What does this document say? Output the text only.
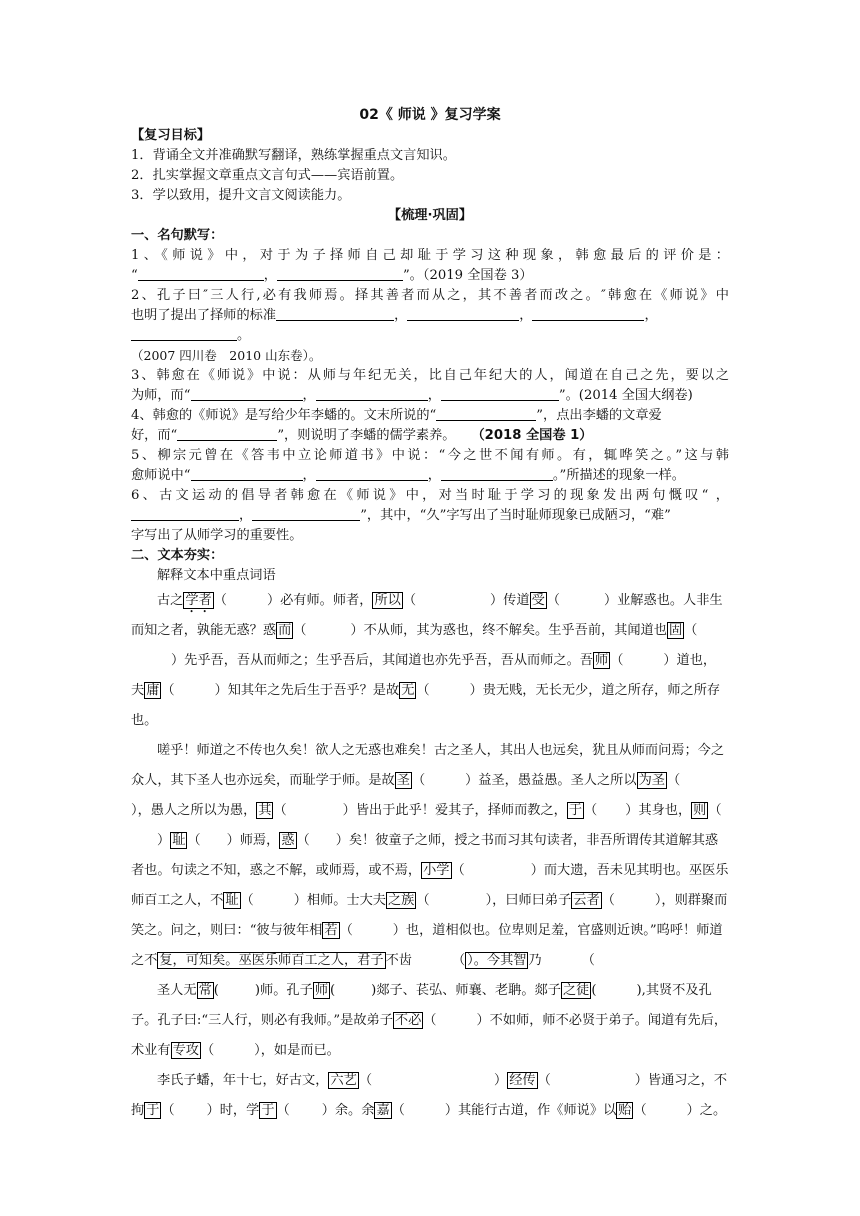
02《 师说 》复习学案
【复习目标】
1．背诵全文并准确默写翻译，熟练掌握重点文言知识。
2．扎实掌握文章重点文言句式——宾语前置。
3．学以致用，提升文言文阅读能力。
【梳理·巩固】
一、名句默写：
1、《师说》中，对于为子择师自己却耻于学习这种现象，韩愈最后的评价是：
“	，	”。（2019 全国卷 3）
2、孔子曰″三人行,必有我师焉。择其善者而从之，其不善者而改之。″韩愈在《师说》中
也明了提出了择师的标准	，	，	，
。
（2007 四川卷　2010 山东卷）。
3、韩愈在《师说》中说：从师与年纪无关，比自己年纪大的人，闻道在自己之先，要以之
为师，而“	，	，	”。(2014 全国大纲卷)
4、韩愈的《师说》是写给少年李蟠的。文末所说的“	”，点出李蟠的文章爱
好，而“	”，则说明了李蟠的儒学素养。 （2018 全国卷 1）
5、柳宗元曾在《答韦中立论师道书》中说：“今之世不闻有师。有，辄哗笑之。”这与韩
愈师说中“	，	，	。”所描述的现象一样。
6、古文运动的倡导者韩愈在《师说》中，对当时耻于学习的现象发出两句慨叹“ ，
，	”，其中，“久”字写出了当时耻师现象已成陋习，“难”
字写出了从师学习的重要性。
二、文本夯实：
解释文本中重点词语

古之 学者 （	）必有师。师者， 所以 （	）传道 受 （	）业解惑也。人非生而知之者，孰能无惑？惑 而 （	）不从师，其为惑也，终不解矣。生乎吾前，其闻道也 固 （）先乎吾，吾从而师之；生乎吾后，其闻道也亦先乎吾，吾从而师之。吾 师 （	）道也，夫 庸 （	）知其年之先后生于吾乎？是故 无 （	）贵无贱，无长无少，道之所存，师之所存也。

嗟乎！师道之不传也久矣！欲人之无惑也难矣！古之圣人，其出人也远矣，犹且从师而问焉；今之众人，其下圣人也亦远矣，而耻学于师。是故 圣 （	）益圣，愚益愚。圣人之所以 为圣 （），愚人之所以为愚， 其 （	）皆出于此乎！爱其子，择师而教之， 于 （ ）其身也， 则 （） 耻 （ ）师焉， 惑 （ ）矣！彼童子之师，授之书而习其句读者，非吾所谓传其道解其惑者也。句读之不知，惑之不解，或师焉，或不焉， 小学 （	）而大遗，吾未见其明也。巫医乐师百工之人，不 耻 （	）相师。士大夫 之族 （	），曰师曰弟子 云者 （	），则群聚而笑之。问之，则曰：“彼与彼年相 若 （	）也，道相似也。位卑则足羞，官盛则近谀。”呜呼！师道之不 复，可知矣。巫医乐师百工之人，君子 不齿	（ ）。今其智 乃	（

圣人无 常 (	)师。孔子 师 (	)郯子、苌弘、师襄、老聃。郯子 之徒 (	),其贤不及孔子。孔子曰:“三人行，则必有我师。”是故弟子 不必 （	）不如师，师不必贤于弟子。闻道有先后，术业有 专攻 （	），如是而已。

李氏子蟠，年十七，好古文， 六艺 （	） 经传 （	）皆通习之，不拘 于 （ ）时，学 于 （ ）余。余 嘉 （	）其能行古道，作《师说》以 贻 （	）之。
